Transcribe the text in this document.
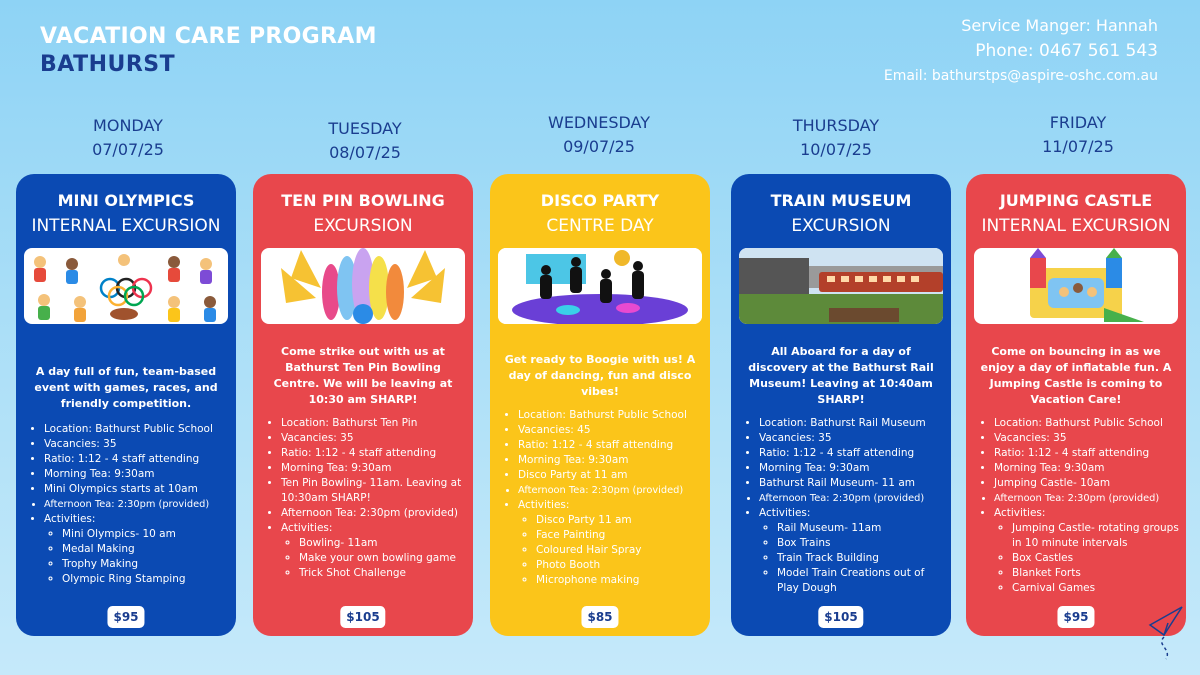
VACATION CARE PROGRAM
BATHURST
Service Manger: Hannah
Phone: 0467 561 543
Email: bathurstps@aspire-oshc.com.au
MONDAY
07/07/25
TUESDAY
08/07/25
WEDNESDAY
09/07/25
THURSDAY
10/07/25
FRIDAY
11/07/25
MINI OLYMPICS
INTERNAL EXCURSION
A day full of fun, team-based event with games, races, and friendly competition.
• Location: Bathurst Public School
• Vacancies: 35
• Ratio: 1:12 - 4 staff attending
• Morning Tea: 9:30am
• Mini Olympics starts at 10am
• Afternoon Tea: 2:30pm (provided)
• Activities:
◦ Mini Olympics- 10 am
◦ Medal Making
◦ Trophy Making
◦ Olympic Ring Stamping
$95
TEN PIN BOWLING
EXCURSION
Come strike out with us at Bathurst Ten Pin Bowling Centre. We will be leaving at 10:30 am SHARP!
• Location: Bathurst Ten Pin
• Vacancies: 35
• Ratio: 1:12 - 4 staff attending
• Morning Tea: 9:30am
• Ten Pin Bowling- 11am. Leaving at 10:30am SHARP!
• Afternoon Tea: 2:30pm (provided)
• Activities:
◦ Bowling- 11am
◦ Make your own bowling game
◦ Trick Shot Challenge
$105
DISCO PARTY
CENTRE DAY
Get ready to Boogie with us! A day of dancing, fun and disco vibes!
• Location: Bathurst Public School
• Vacancies: 45
• Ratio: 1:12 - 4 staff attending
• Morning Tea: 9:30am
• Disco Party at 11 am
• Afternoon Tea: 2:30pm (provided)
• Activities:
◦ Disco Party 11 am
◦ Face Painting
◦ Coloured Hair Spray
◦ Photo Booth
◦ Microphone making
$85
TRAIN MUSEUM
EXCURSION
All Aboard for a day of discovery at the Bathurst Rail Museum! Leaving at 10:40am SHARP!
• Location: Bathurst Rail Museum
• Vacancies: 35
• Ratio: 1:12 - 4 staff attending
• Morning Tea: 9:30am
• Bathurst Rail Museum- 11 am
• Afternoon Tea: 2:30pm (provided)
• Activities:
◦ Rail Museum- 11am
◦ Box Trains
◦ Train Track Building
◦ Model Train Creations out of Play Dough
$105
JUMPING CASTLE
INTERNAL EXCURSION
Come on bouncing in as we enjoy a day of inflatable fun. A Jumping Castle is coming to Vacation Care!
• Location: Bathurst Public School
• Vacancies: 35
• Ratio: 1:12 - 4 staff attending
• Morning Tea: 9:30am
• Jumping Castle- 10am
• Afternoon Tea: 2:30pm (provided)
• Activities:
◦ Jumping Castle- rotating groups in 10 minute intervals
◦ Box Castles
◦ Blanket Forts
◦ Carnival Games
$95
